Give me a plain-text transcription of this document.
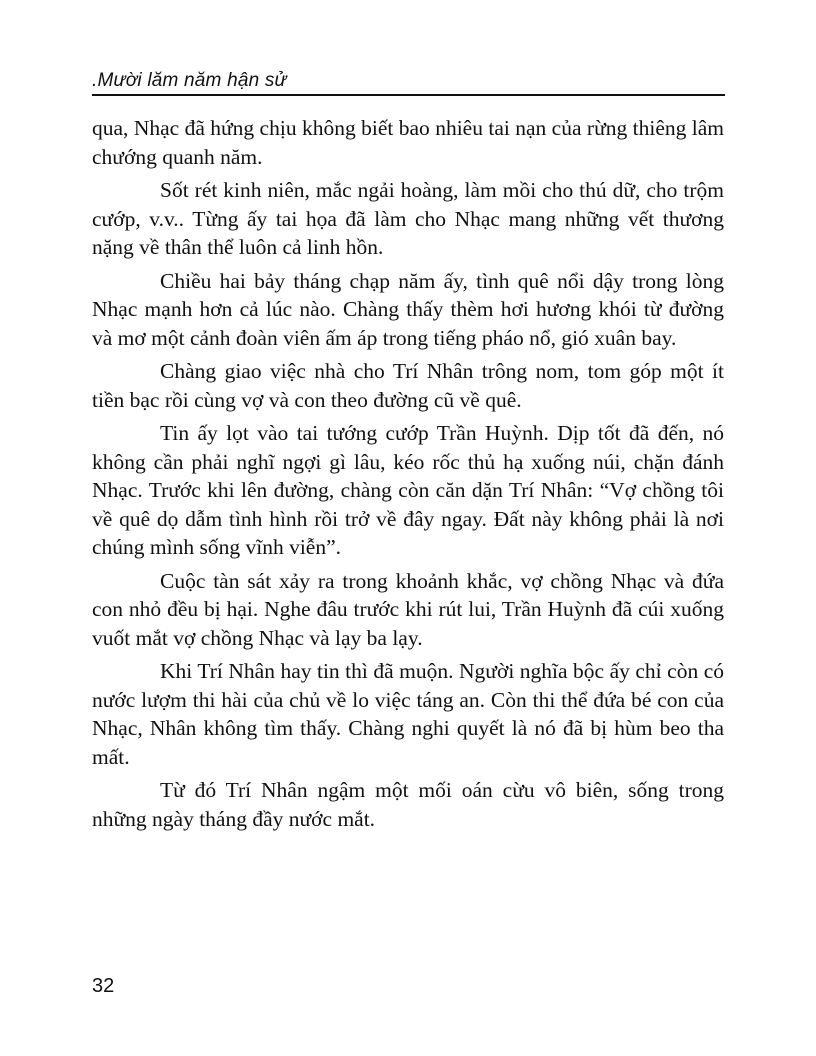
.Mười lăm năm hận sử

qua, Nhạc đã hứng chịu không biết bao nhiêu tai nạn của rừng thiêng lâm chướng quanh năm.

Sốt rét kinh niên, mắc ngải hoàng, làm mồi cho thú dữ, cho trộm cướp, v.v.. Từng ấy tai họa đã làm cho Nhạc mang những vết thương nặng về thân thể luôn cả linh hồn.

Chiều hai bảy tháng chạp năm ấy, tình quê nổi dậy trong lòng Nhạc mạnh hơn cả lúc nào. Chàng thấy thèm hơi hương khói từ đường và mơ một cảnh đoàn viên ấm áp trong tiếng pháo nổ, gió xuân bay.

Chàng giao việc nhà cho Trí Nhân trông nom, tom góp một ít tiền bạc rồi cùng vợ và con theo đường cũ về quê.

Tin ấy lọt vào tai tướng cướp Trần Huỳnh. Dịp tốt đã đến, nó không cần phải nghĩ ngợi gì lâu, kéo rốc thủ hạ xuống núi, chặn đánh Nhạc. Trước khi lên đường, chàng còn căn dặn Trí Nhân: “Vợ chồng tôi về quê dọ dẫm tình hình rồi trở về đây ngay. Đất này không phải là nơi chúng mình sống vĩnh viễn”.

Cuộc tàn sát xảy ra trong khoảnh khắc, vợ chồng Nhạc và đứa con nhỏ đều bị hại. Nghe đâu trước khi rút lui, Trần Huỳnh đã cúi xuống vuốt mắt vợ chồng Nhạc và lạy ba lạy.

Khi Trí Nhân hay tin thì đã muộn. Người nghĩa bộc ấy chỉ còn có nước lượm thi hài của chủ về lo việc táng an. Còn thi thể đứa bé con của Nhạc, Nhân không tìm thấy. Chàng nghi quyết là nó đã bị hùm beo tha mất.

Từ đó Trí Nhân ngậm một mối oán cừu vô biên, sống trong những ngày tháng đầy nước mắt.

32
